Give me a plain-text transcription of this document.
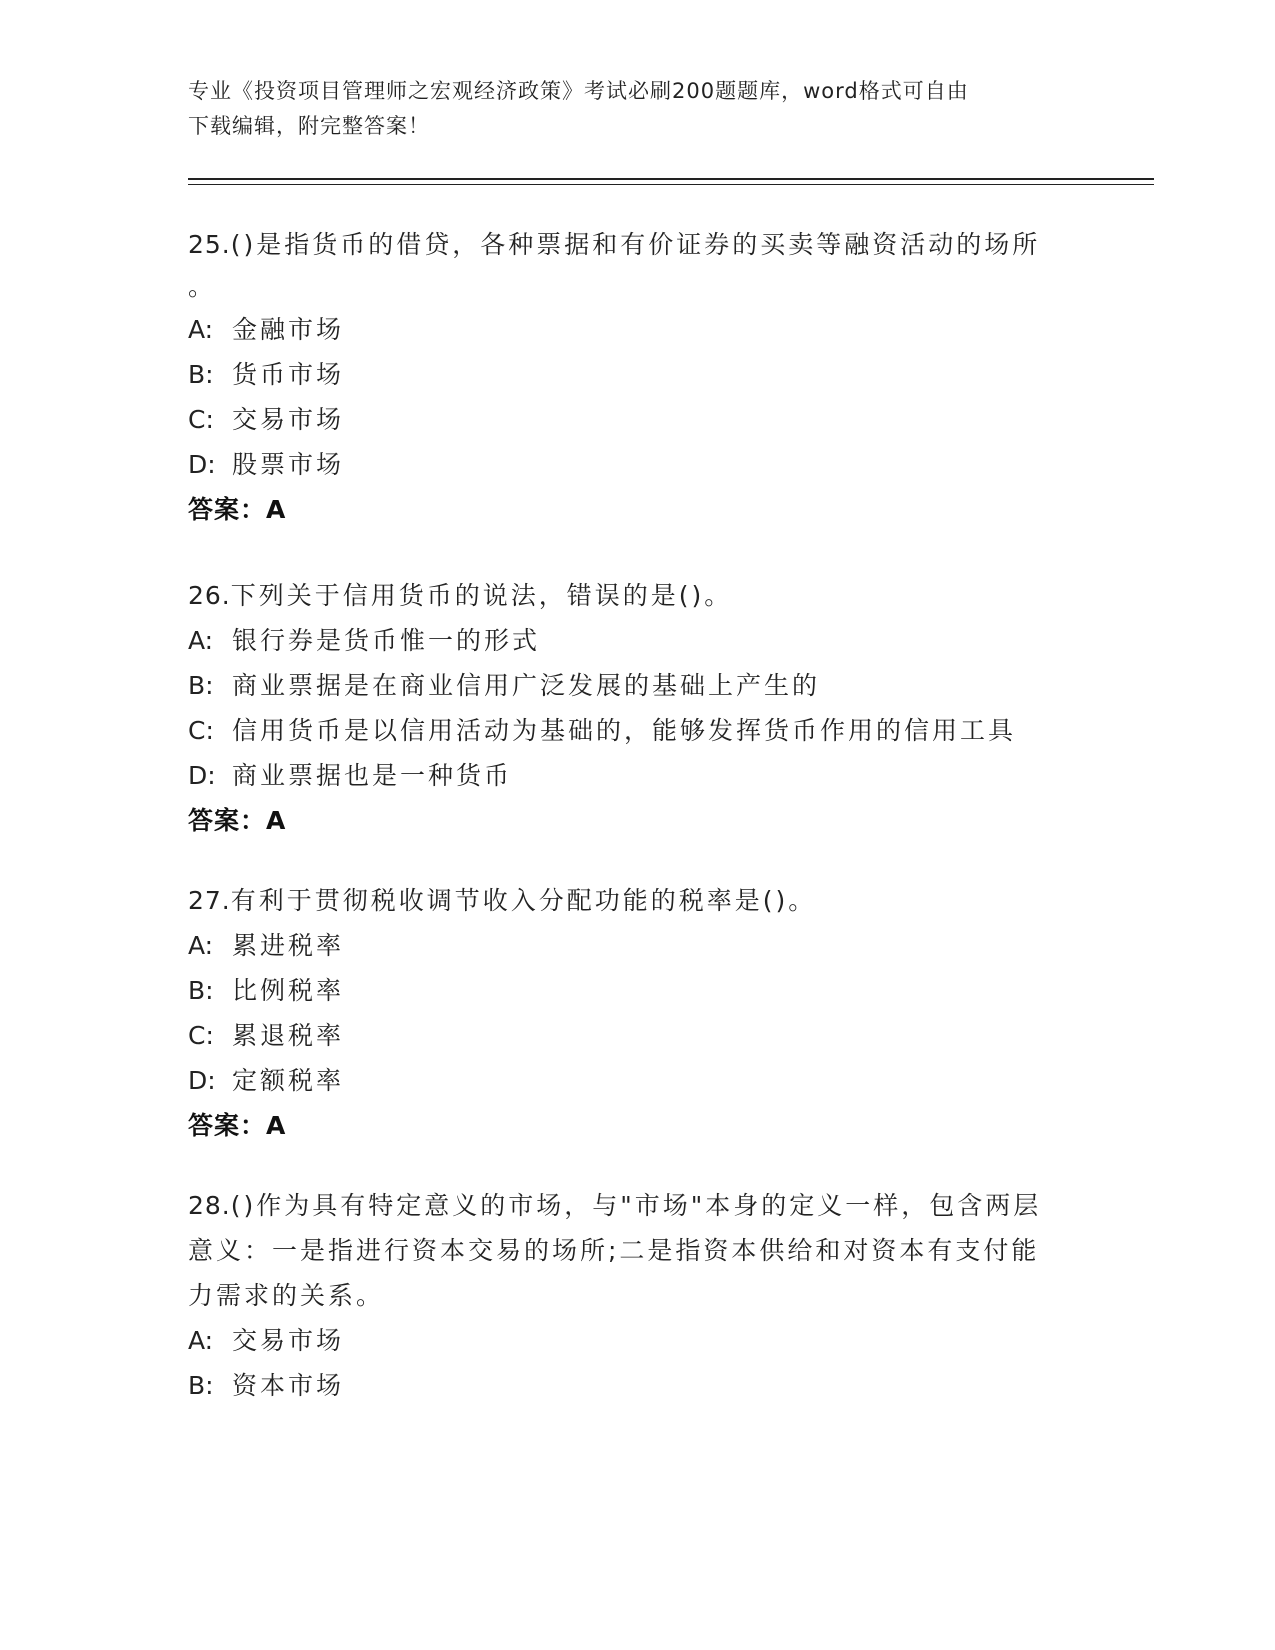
专业《投资项目管理师之宏观经济政策》考试必刷200题题库，word格式可自由
下载编辑，附完整答案！
25.()是指货币的借贷，各种票据和有价证券的买卖等融资活动的场所
。
A: 金融市场
B: 货币市场
C: 交易市场
D: 股票市场
答案：A
26.下列关于信用货币的说法，错误的是()。
A: 银行券是货币惟一的形式
B: 商业票据是在商业信用广泛发展的基础上产生的
C: 信用货币是以信用活动为基础的，能够发挥货币作用的信用工具
D: 商业票据也是一种货币
答案：A
27.有利于贯彻税收调节收入分配功能的税率是()。
A: 累进税率
B: 比例税率
C: 累退税率
D: 定额税率
答案：A
28.()作为具有特定意义的市场，与"市场"本身的定义一样，包含两层
意义：一是指进行资本交易的场所;二是指资本供给和对资本有支付能
力需求的关系。
A: 交易市场
B: 资本市场
